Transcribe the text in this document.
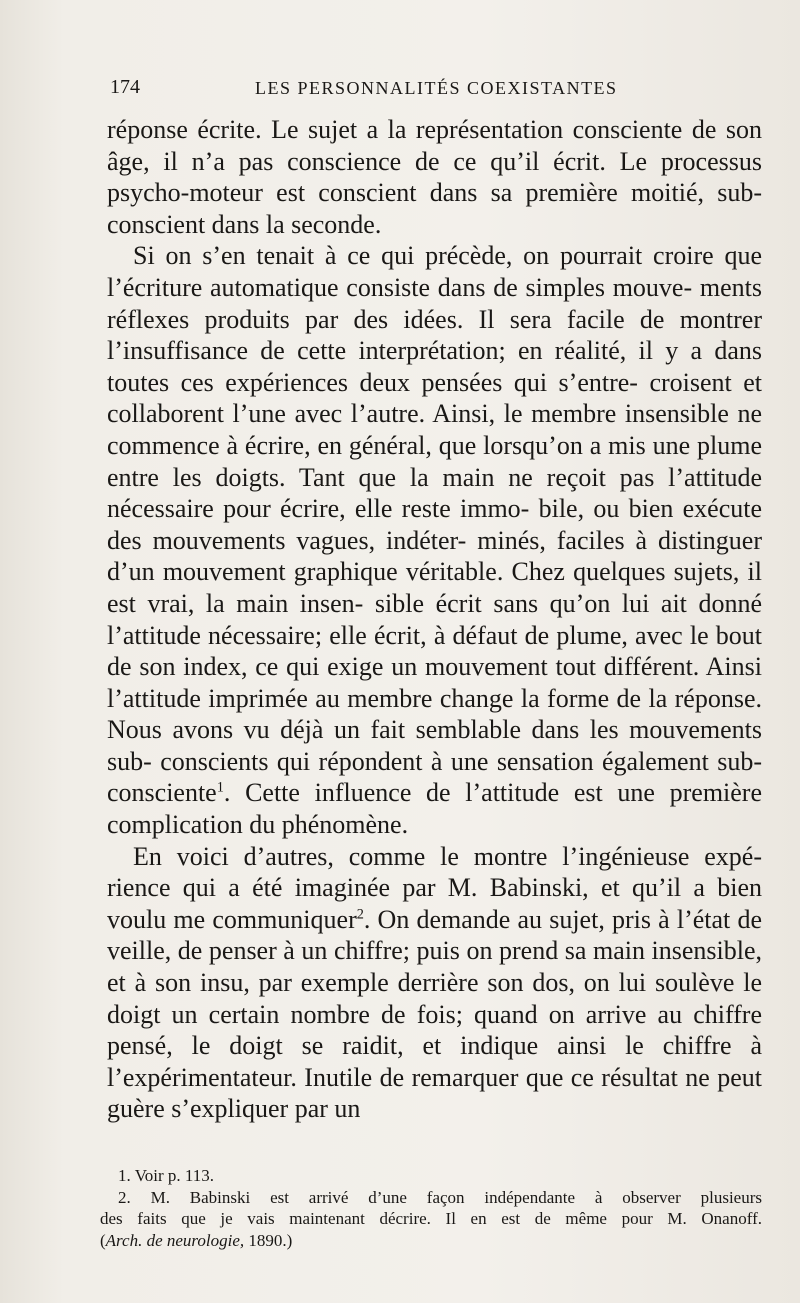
174	LES PERSONNALITÉS COEXISTANTES

réponse écrite. Le sujet a la représentation consciente de son âge, il n’a pas conscience de ce qu’il écrit. Le processus psycho-moteur est conscient dans sa première moitié, sub- conscient dans la seconde.

Si on s’en tenait à ce qui précède, on pourrait croire que l’écriture automatique consiste dans de simples mouve- ments réflexes produits par des idées. Il sera facile de montrer l’insuffisance de cette interprétation; en réalité, il y a dans toutes ces expériences deux pensées qui s’entre- croisent et collaborent l’une avec l’autre. Ainsi, le membre insensible ne commence à écrire, en général, que lorsqu’on a mis une plume entre les doigts. Tant que la main ne reçoit pas l’attitude nécessaire pour écrire, elle reste immo- bile, ou bien exécute des mouvements vagues, indéter- minés, faciles à distinguer d’un mouvement graphique véritable. Chez quelques sujets, il est vrai, la main insen- sible écrit sans qu’on lui ait donné l’attitude nécessaire; elle écrit, à défaut de plume, avec le bout de son index, ce qui exige un mouvement tout différent. Ainsi l’attitude imprimée au membre change la forme de la réponse. Nous avons vu déjà un fait semblable dans les mouvements sub- conscients qui répondent à une sensation également sub- consciente$^1$. Cette influence de l’attitude est une première complication du phénomène.

En voici d’autres, comme le montre l’ingénieuse expé- rience qui a été imaginée par M. Babinski, et qu’il a bien voulu me communiquer$^2$. On demande au sujet, pris à l’état de veille, de penser à un chiffre; puis on prend sa main insensible, et à son insu, par exemple derrière son dos, on lui soulève le doigt un certain nombre de fois; quand on arrive au chiffre pensé, le doigt se raidit, et indique ainsi le chiffre à l’expérimentateur. Inutile de remarquer que ce résultat ne peut guère s’expliquer par un

1. Voir p. 113.

2. M. Babinski est arrivé d’une façon indépendante à observer plusieurs

des faits que je vais maintenant décrire. Il en est de même pour M. Onanoff.

(Arch. de neurologie, 1890.)
